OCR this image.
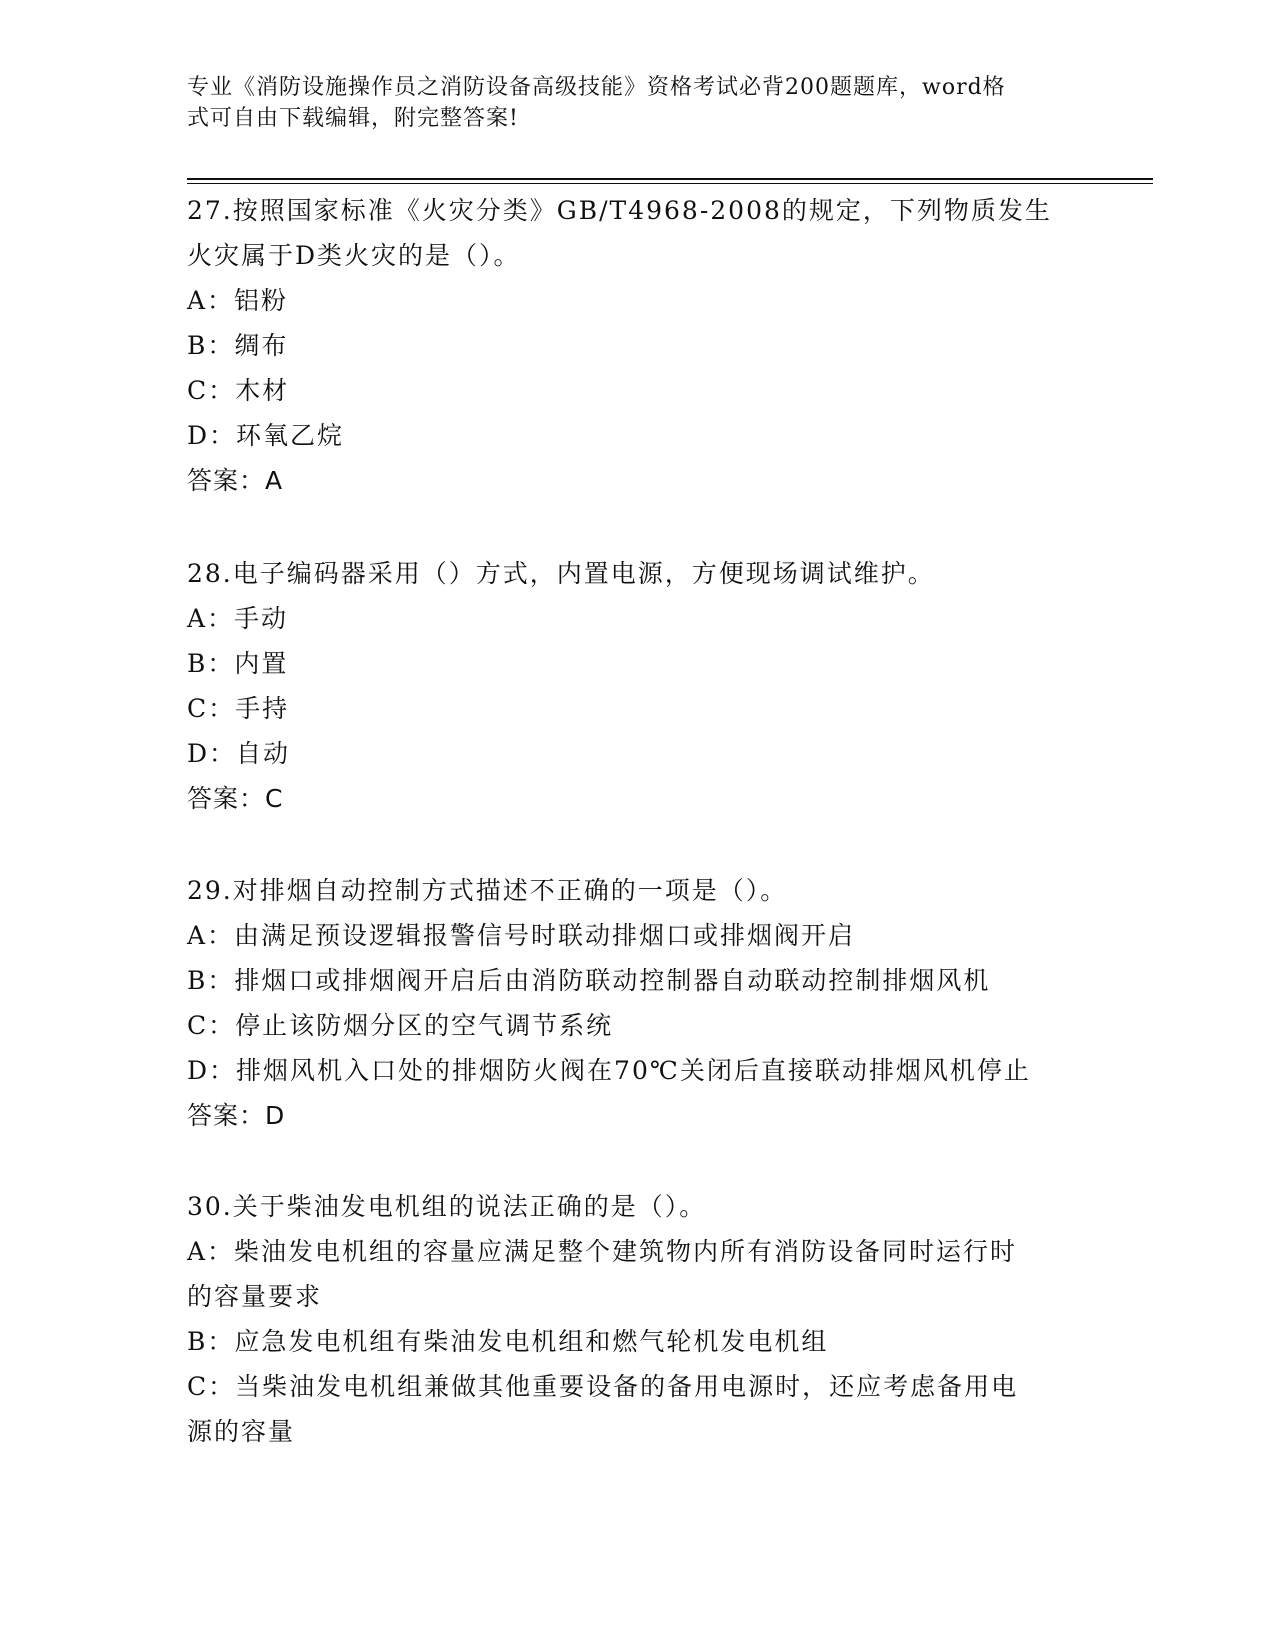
专业《消防设施操作员之消防设备高级技能》资格考试必背200题题库，word格
式可自由下载编辑，附完整答案!

27.按照国家标准《火灾分类》GB/T4968-2008的规定，下列物质发生

火灾属于D类火灾的是（）。

A：铝粉

B：绸布

C：木材

D：环氧乙烷

答案：A

28.电子编码器采用（）方式，内置电源，方便现场调试维护。

A：手动

B：内置

C：手持

D：自动

答案：C

29.对排烟自动控制方式描述不正确的一项是（）。

A：由满足预设逻辑报警信号时联动排烟口或排烟阀开启

B：排烟口或排烟阀开启后由消防联动控制器自动联动控制排烟风机

C：停止该防烟分区的空气调节系统

D：排烟风机入口处的排烟防火阀在70℃关闭后直接联动排烟风机停止

答案：D

30.关于柴油发电机组的说法正确的是（）。

A：柴油发电机组的容量应满足整个建筑物内所有消防设备同时运行时

的容量要求

B：应急发电机组有柴油发电机组和燃气轮机发电机组

C：当柴油发电机组兼做其他重要设备的备用电源时，还应考虑备用电

源的容量
